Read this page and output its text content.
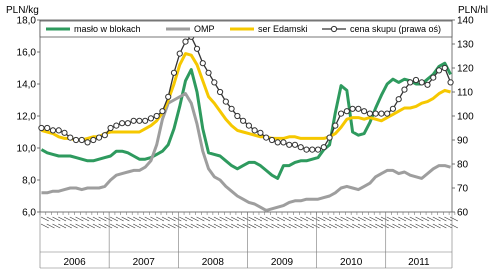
PLN/kg	PLN/hl
60
70
80
90
100
110
120
130
140
6,0
8,0
10,0
12,0
14,0
16,0
18,0
2006	2007	2008	2009	2010	2011
masło w blokach	OMP	ser Edamski	cena skupu (prawa oś)
